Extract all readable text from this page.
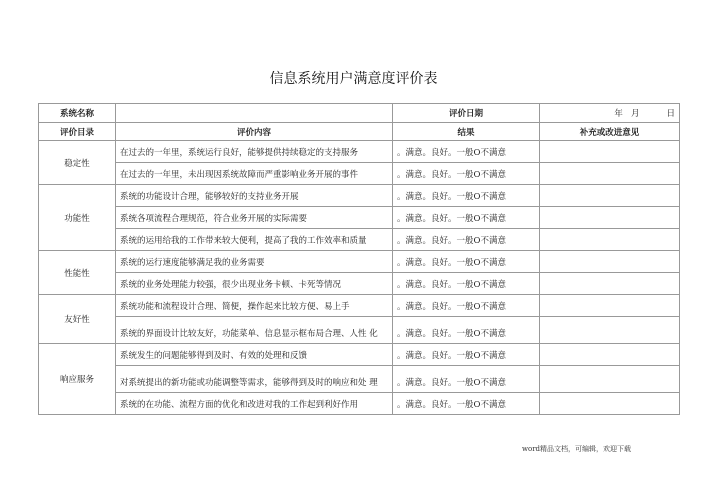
信息系统用户满意度评价表
系统名称		评价日期	年   月          日
评价目录	评价内容	结果	补充或改进意见
稳定性	在过去的一年里，系统运行良好，能够提供持续稳定的支持服务	。满意。良好。一般O不满意	
	在过去的一年里，未出现因系统故障而严重影响业务开展的事件	。满意。良好。一般O不满意	
功能性	系统的功能设计合理，能够较好的支持业务开展	。满意。良好。一般O不满意	
	系统各项流程合理规范，符合业务开展的实际需要	。满意。良好。一般O不满意	
	系统的运用给我的工作带来较大便利，提高了我的工作效率和质量	。满意。良好。一般O不满意	
性能性	系统的运行速度能够满足我的业务需要	。满意。良好。一般O不满意	
	系统的业务处理能力较强，很少出现业务卡顿、卡死等情况	。满意。良好。一般O不满意	
友好性	系统功能和流程设计合理、简便，操作起来比较方便、易上手	。满意。良好。一般O不满意	
	系统的界面设计比较友好，功能菜单、信息显示框布局合理、人性 化	。满意。良好。一般O不满意	
响应服务	系统发生的问题能够得到及时、有效的处理和反馈	。满意。良好。一般O不满意	
	对系统提出的新功能或功能调整等需求，能够得到及时的响应和处 理	。满意。良好。一般O不满意	
	系统的在功能、流程方面的优化和改进对我的工作起到利好作用	。满意。良好。一般O不满意	
word精品文档，可编辑，欢迎下载
